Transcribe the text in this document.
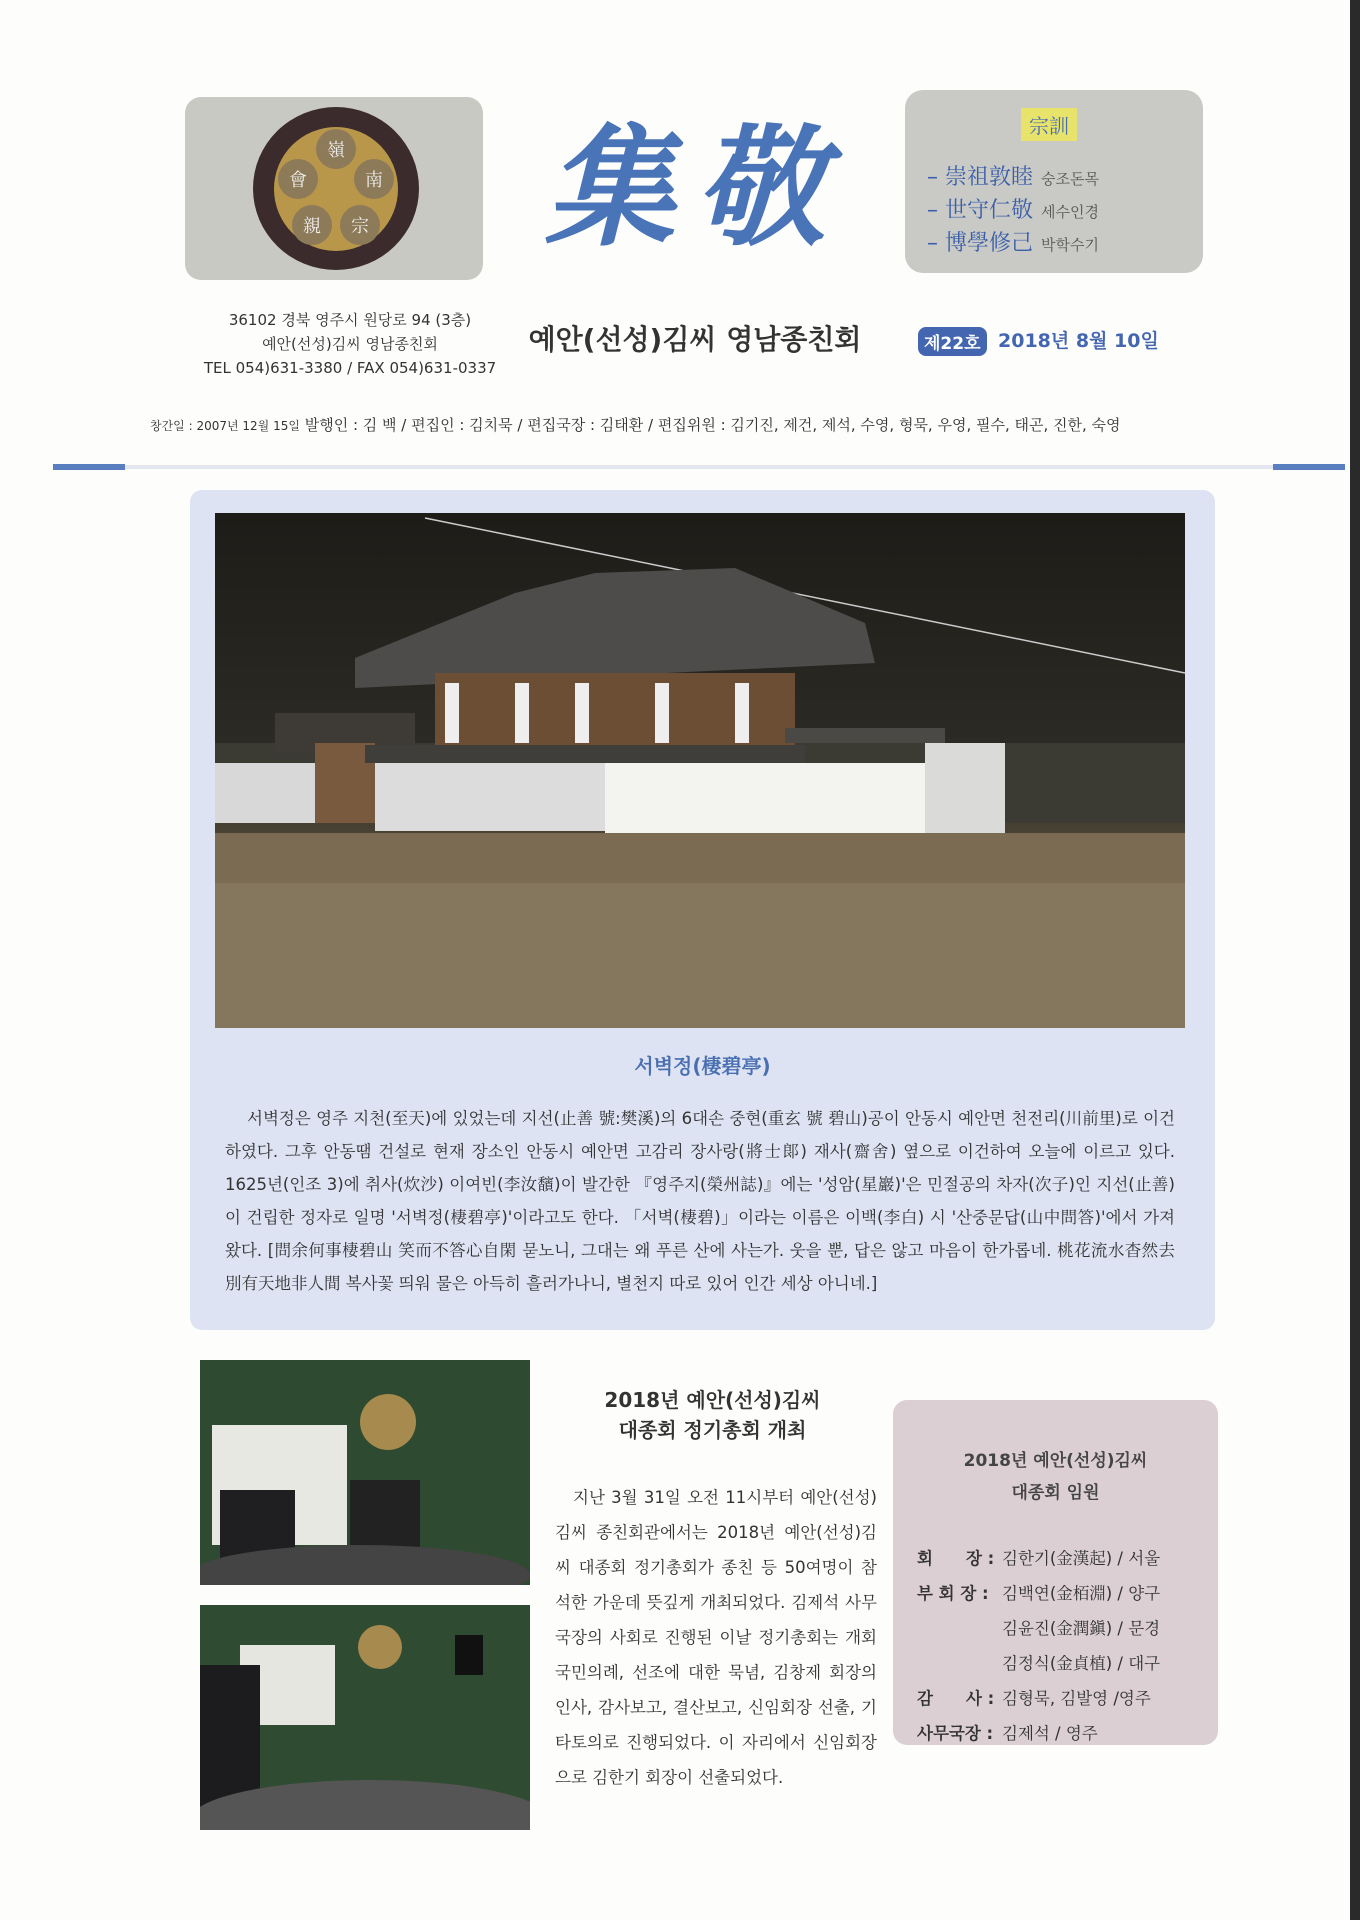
嶺
南
宗
親
會 集敬	宗訓
– 崇祖敦睦 숭조돈목
– 世守仁敬 세수인경
– 博學修己 박학수기
36102 경북 영주시 원당로 94 (3층)
예안(선성)김씨 영남종친회
TEL 054)631-3380 / FAX 054)631-0337
예안(선성)김씨 영남종친회	제22호 2018년 8월 10일
창간일 : 2007년 12월 15일 발행인 : 김 백 / 편집인 : 김치묵 / 편집국장 : 김태환 / 편집위원 : 김기진, 제건, 제석, 수영, 형묵, 우영, 필수, 태곤, 진한, 숙영
서벽정(棲碧亭)

서벽정은 영주 지천(至天)에 있었는데 지선(止善 號:樊溪)의 6대손 중현(重玄 號 碧山)공이 안동시 예안면 천전리(川前里)로 이건하였다. 그후 안동땜 건설로 현재 장소인 안동시 예안면 고감리 장사랑(將士郞) 재사(齋舍) 옆으로 이건하여 오늘에 이르고 있다. 1625년(인조 3)에 취사(炊沙) 이여빈(李汝馪)이 발간한 『영주지(榮州誌)』에는 '성암(星巖)'은 민절공의 차자(次子)인 지선(止善)이 건립한 정자로 일명 '서벽정(棲碧亭)'이라고도 한다. 「서벽(棲碧)」이라는 이름은 이백(李白) 시 '산중문답(山中問答)'에서 가져왔다. [問余何事棲碧山 笑而不答心自閑 묻노니, 그대는 왜 푸른 산에 사는가. 웃을 뿐, 답은 않고 마음이 한가롭네. 桃花流水杳然去 別有天地非人間 복사꽃 띄워 물은 아득히 흘러가나니, 별천지 따로 있어 인간 세상 아니네.]

2018년 예안(선성)김씨
대종회 정기총회 개최

지난 3월 31일 오전 11시부터 예안(선성)김씨 종친회관에서는 2018년 예안(선성)김씨 대종회 정기총회가 종친 등 50여명이 참석한 가운데 뜻깊게 개최되었다. 김제석 사무국장의 사회로 진행된 이날 정기총회는 개회 국민의례, 선조에 대한 묵념, 김창제 회장의 인사, 감사보고, 결산보고, 신임회장 선출, 기타토의로 진행되었다. 이 자리에서 신임회장으로 김한기 회장이 선출되었다.

2018년 예안(선성)김씨
대종회 임원
회　　장 : 김한기(金漢起) / 서울
부 회 장 : 김백연(金栢淵) / 양구
김윤진(金潤鎭) / 문경
김정식(金貞植) / 대구
감　　사 : 김형묵, 김발영 /영주
사무국장 : 김제석 / 영주
